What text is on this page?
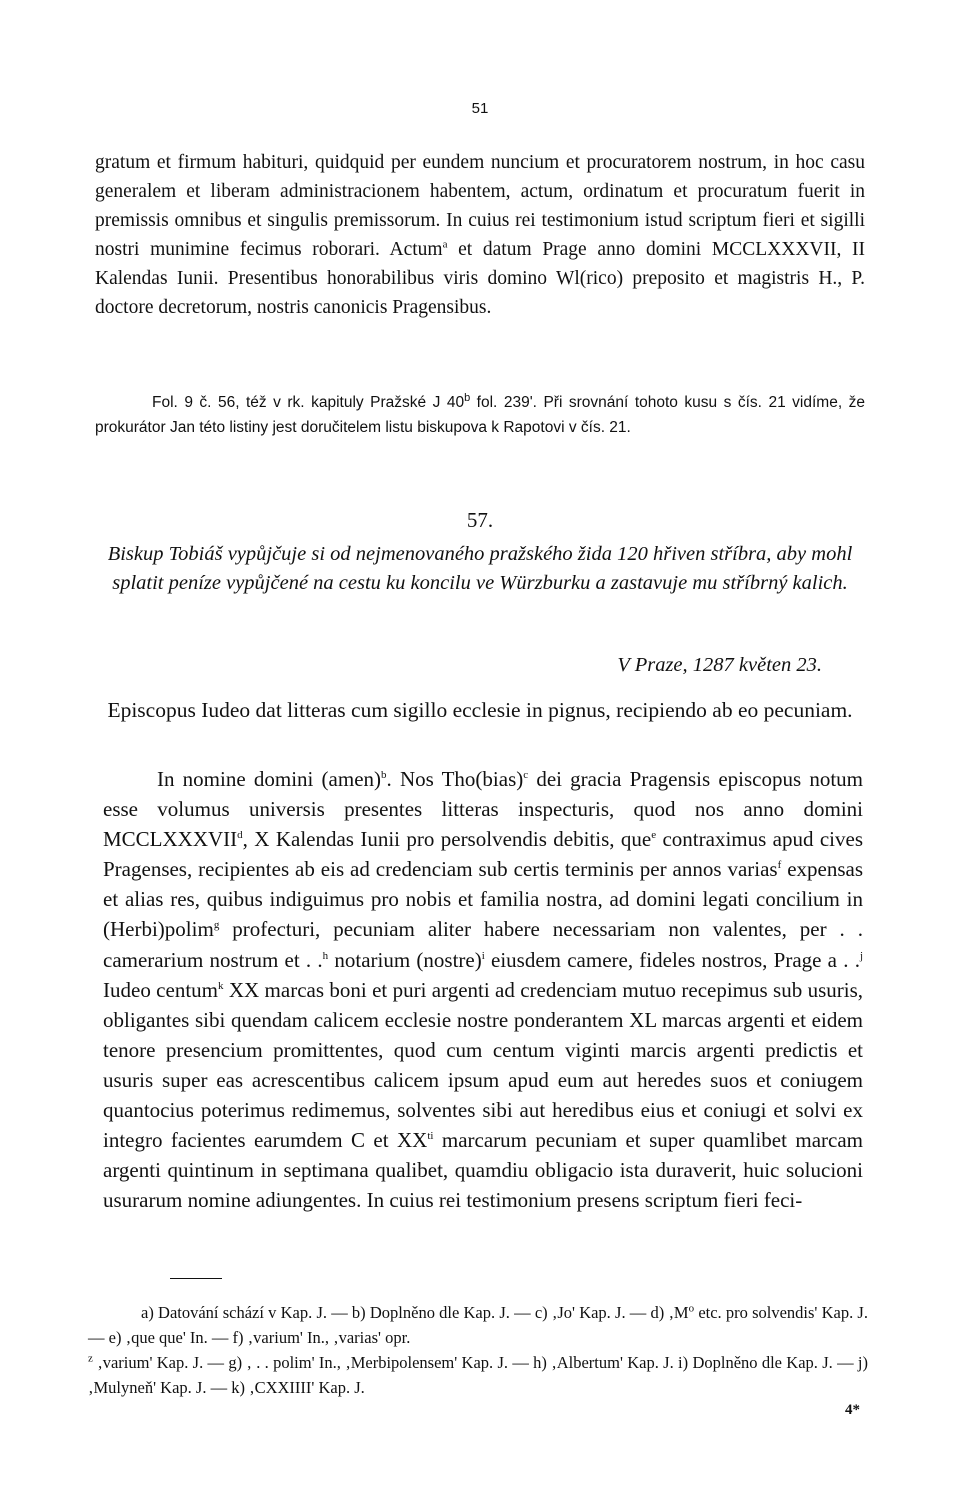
51

gratum et firmum habituri, quidquid per eundem nuncium et procuratorem nostrum, in hoc casu generalem et liberam administracionem habentem, actum, ordinatum et procuratum fuerit in premissis omnibus et singulis premissorum. In cuius rei testimonium istud scriptum fieri et sigilli nostri munimine fecimus roborari. Actum$^a$ et datum Prage anno domini MCCLXXXVII, II Kalendas Iunii. Presentibus honorabilibus viris domino Wl(rico) preposito et magistris H., P. doctore decretorum, nostris canonicis Pragensibus.

Fol. 9 č. 56, též v rk. kapituly Pražské J 40$^b$ fol. 239'. Při srovnání tohoto kusu s čís. 21 vidíme, že prokurátor Jan této listiny jest doručitelem listu biskupova k Rapotovi v čís. 21.

57.

Biskup Tobiáš vypůjčuje si od nejmenovaného pražského žida 120 hřiven stříbra, aby mohl splatit peníze vypůjčené na cestu ku koncilu ve Würzburku a zastavuje mu stříbrný kalich.

V Praze, 1287 květen 23.

Episcopus Iudeo dat litteras cum sigillo ecclesie in pignus, recipiendo ab eo pecuniam.

In nomine domini (amen)$^b$. Nos Tho(bias)$^c$ dei gracia Pragensis episcopus notum esse volumus universis presentes litteras inspecturis, quod nos anno domini MCCLXXXVII$^d$, X Kalendas Iunii pro persolvendis debitis, que$^e$ contraximus apud cives Pragenses, recipientes ab eis ad credenciam sub certis terminis per annos varias$^f$ expensas et alias res, quibus indiguimus pro nobis et familia nostra, ad domini legati concilium in (Herbi)polim$^g$ profecturi, pecuniam aliter habere necessariam non valentes, per . . camerarium nostrum et . .$^h$ notarium (nostre)$^i$ eiusdem camere, fideles nostros, Prage a . .$^j$ Iudeo centum$^k$ XX marcas boni et puri argenti ad credenciam mutuo recepimus sub usuris, obligantes sibi quendam calicem ecclesie nostre ponderantem XL marcas argenti et eidem tenore presencium promittentes, quod cum centum viginti marcis argenti predictis et usuris super eas acrescentibus calicem ipsum apud eum aut heredes suos et coniugem quantocius poterimus redimemus, solventes sibi aut heredibus eius et coniugi et solvi ex integro facientes earumdem C et $XX^{ti}$ marcarum pecuniam et super quamlibet marcam argenti quintinum in septimana qualibet, quamdiu obligacio ista duraverit, huic solucioni usurarum nomine adiungentes. In cuius rei testimonium presens scriptum fieri feci-

a) Datování schází v Kap. J. — b) Doplněno dle Kap. J. — c) ‚Jo' Kap. J. — d) $‚M^o$ etc. pro solvendis' Kap. J. — e) ‚que que' In. — f) ‚varium' In., ‚varias' opr.
$^z$ ‚varium' Kap. J. — g) ‚ . . polim' In., ‚Merbipolensem' Kap. J. — h) ‚Albertum' Kap. J. i) Doplněno dle Kap. J. — j) ‚Mulyneň' Kap. J. — k) ‚CXXIIII' Kap. J.

4*
